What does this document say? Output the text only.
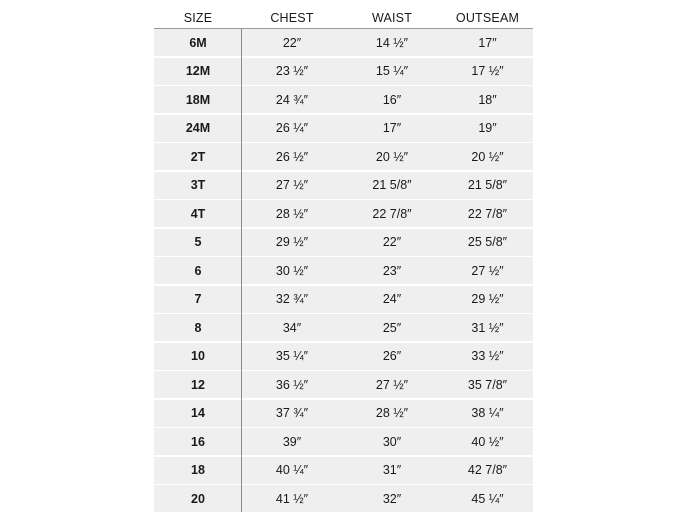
SIZE	CHEST	WAIST	OUTSEAM
6M	22″	14 ½″	17″
12M	23 ½″	15 ¼″	17 ½″
18M	24 ¾″	16″	18″
24M	26 ¼″	17″	19″
2T	26 ½″	20 ½″	20 ½″
3T	27 ½″	21 5/8″	21 5/8″
4T	28 ½″	22 7/8″	22 7/8″
5	29 ½″	22″	25 5/8″
6	30 ½″	23″	27 ½″
7	32 ¾″	24″	29 ½″
8	34″	25″	31 ½″
10	35 ¼″	26″	33 ½″
12	36 ½″	27 ½″	35 7/8″
14	37 ¾″	28 ½″	38 ¼″
16	39″	30″	40 ½″
18	40 ¼″	31″	42 7/8″
20	41 ½″	32″	45 ¼″
